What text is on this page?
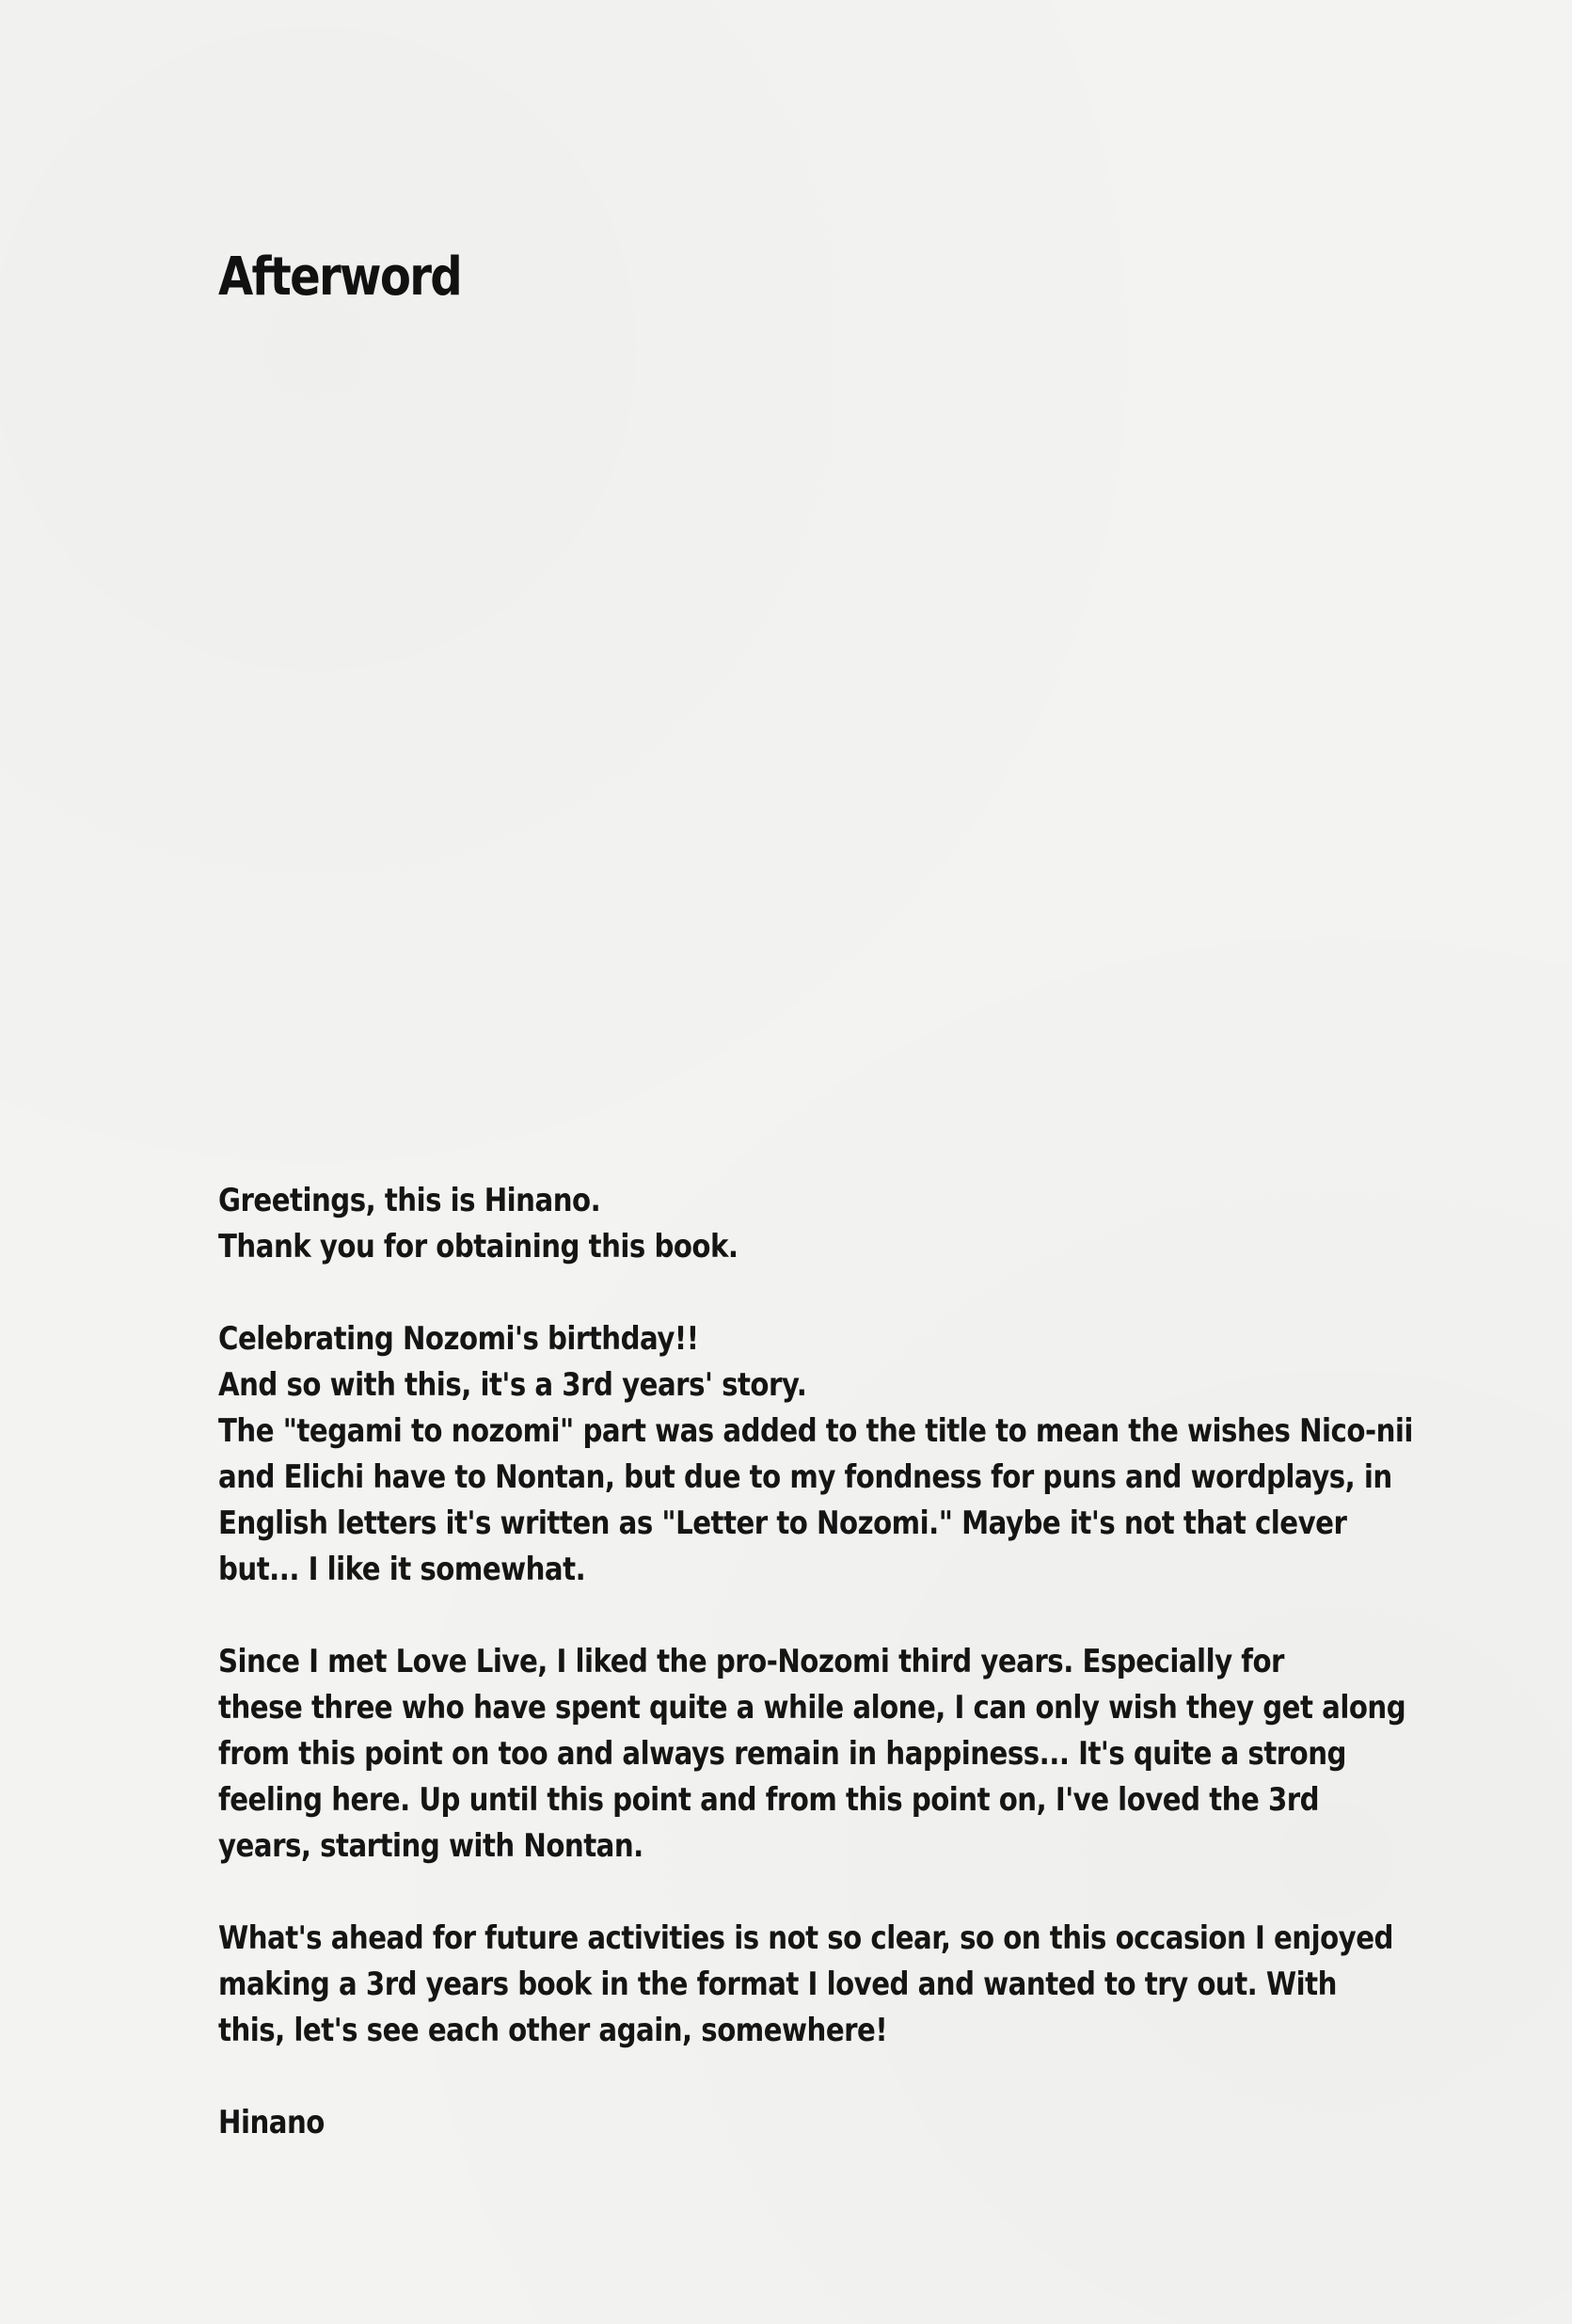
Afterword

Greetings, this is Hinano.
Thank you for obtaining this book.

Celebrating Nozomi's birthday!!
And so with this, it's a 3rd years' story.
The "tegami to nozomi" part was added to the title to mean the wishes Nico-nii
and Elichi have to Nontan, but due to my fondness for puns and wordplays, in
English letters it's written as "Letter to Nozomi." Maybe it's not that clever
but... I like it somewhat.

Since I met Love Live, I liked the pro-Nozomi third years. Especially for
these three who have spent quite a while alone, I can only wish they get along
from this point on too and always remain in happiness... It's quite a strong
feeling here. Up until this point and from this point on, I've loved the 3rd
years, starting with Nontan.

What's ahead for future activities is not so clear, so on this occasion I enjoyed
making a 3rd years book in the format I loved and wanted to try out. With
this, let's see each other again, somewhere!

Hinano
